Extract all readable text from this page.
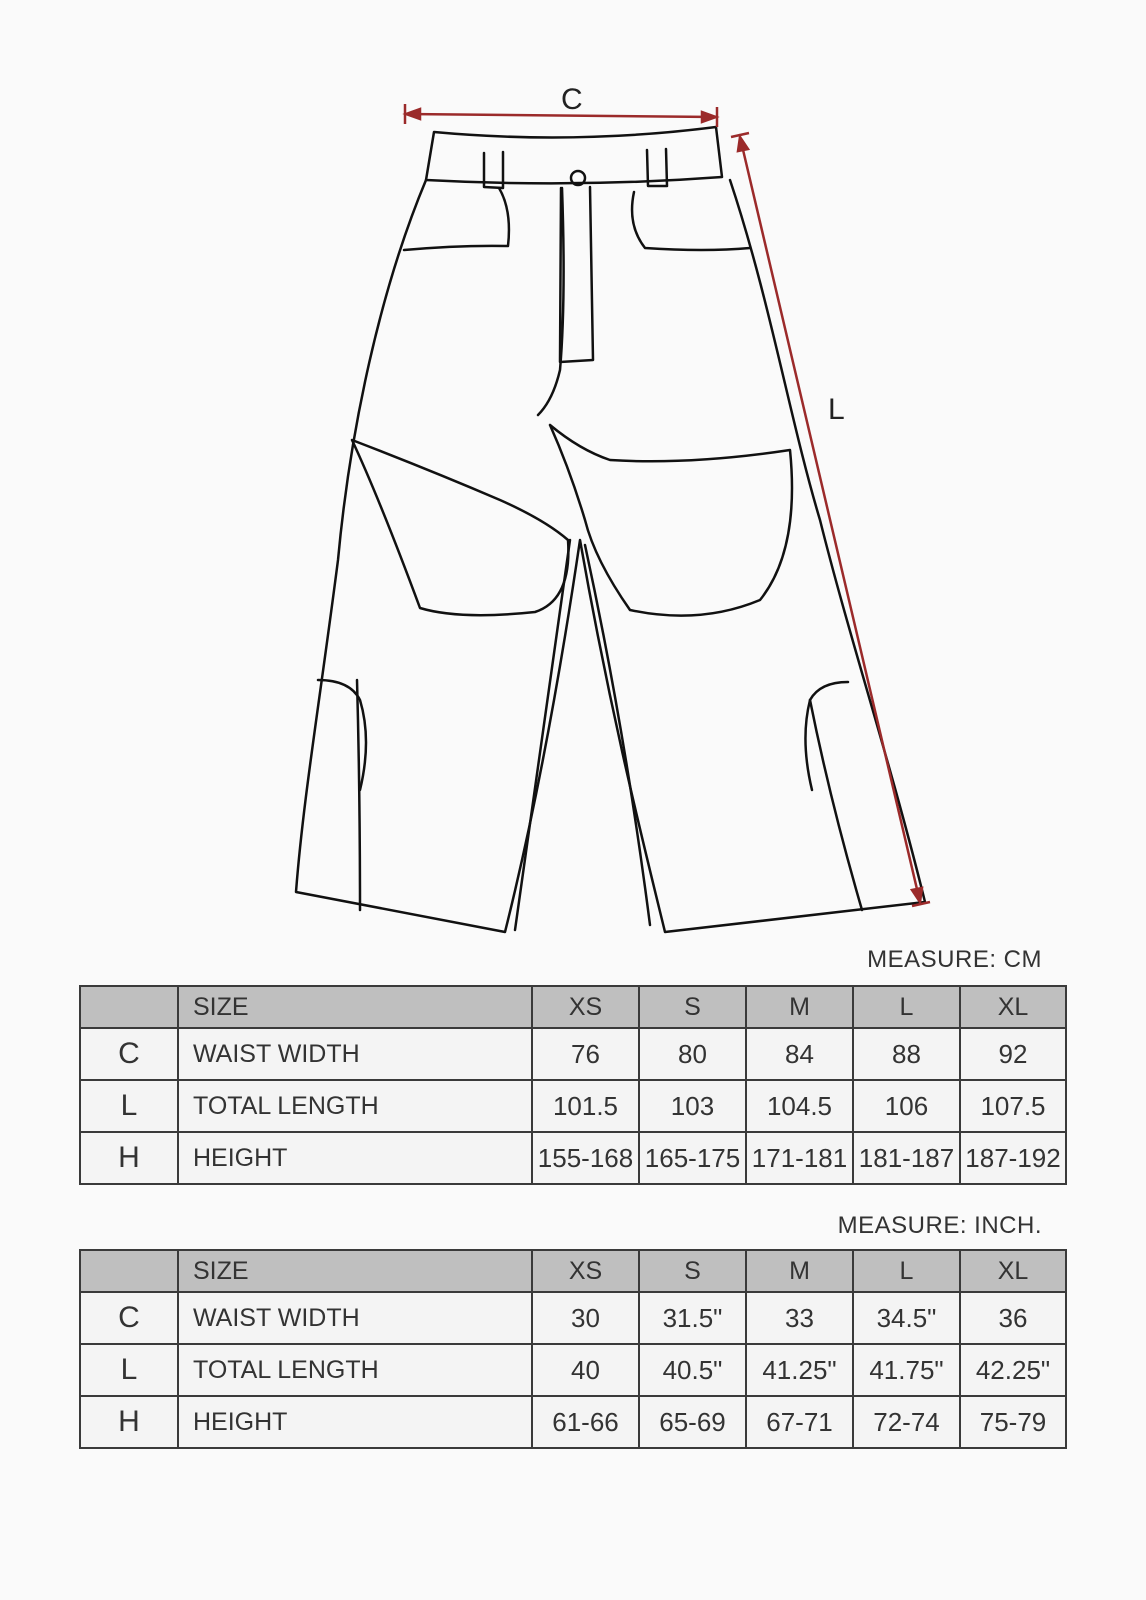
C
L
MEASURE: CM
	SIZE	XS	S	M	L	XL
C	WAIST WIDTH	76	80	84	88	92
L	TOTAL LENGTH	101.5	103	104.5	106	107.5
H	HEIGHT	155-168	165-175	171-181	181-187	187-192
MEASURE: INCH.
	SIZE	XS	S	M	L	XL
C	WAIST WIDTH	30	31.5"	33	34.5"	36
L	TOTAL LENGTH	40	40.5"	41.25"	41.75"	42.25"
H	HEIGHT	61-66	65-69	67-71	72-74	75-79
